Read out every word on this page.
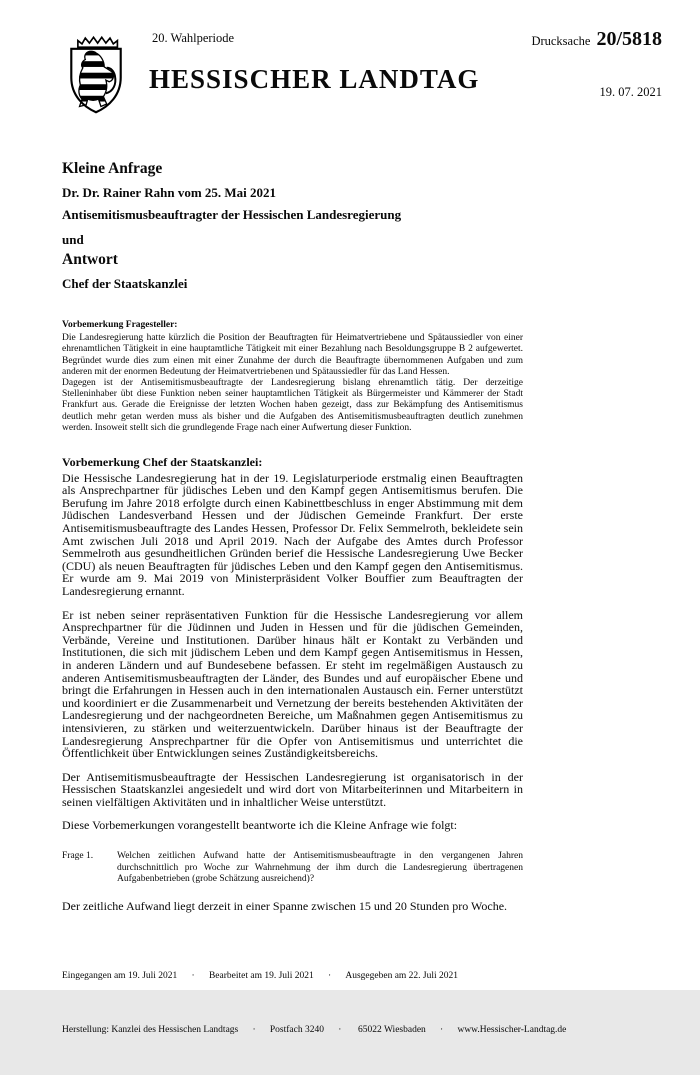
20. Wahlperiode
HESSISCHER LANDTAG
Drucksache 20/5818
19. 07. 2021
Kleine Anfrage
Dr. Dr. Rainer Rahn vom 25. Mai 2021
Antisemitismusbeauftragter der Hessischen Landesregierung
und
Antwort
Chef der Staatskanzlei
Vorbemerkung Fragesteller:

Die Landesregierung hatte kürzlich die Position der Beauftragten für Heimatvertriebene und Spätaussiedler von einer ehrenamtlichen Tätigkeit in eine hauptamtliche Tätigkeit mit einer Bezahlung nach Besoldungsgruppe B 2 aufgewertet. Begründet wurde dies zum einen mit einer Zunahme der durch die Beauftragte übernommenen Aufgaben und zum anderen mit der enormen Bedeutung der Heimatvertriebenen und Spätaussiedler für das Land Hessen.

Dagegen ist der Antisemitismusbeauftragte der Landesregierung bislang ehrenamtlich tätig. Der derzeitige Stelleninhaber übt diese Funktion neben seiner hauptamtlichen Tätigkeit als Bürgermeister und Kämmerer der Stadt Frankfurt aus. Gerade die Ereignisse der letzten Wochen haben gezeigt, dass zur Bekämpfung des Antisemitismus deutlich mehr getan werden muss als bisher und die Aufgaben des Antisemitismusbeauftragten deutlich zunehmen werden. Insoweit stellt sich die grundlegende Frage nach einer Aufwertung dieser Funktion.

Vorbemerkung Chef der Staatskanzlei:

Die Hessische Landesregierung hat in der 19. Legislaturperiode erstmalig einen Beauftragten als Ansprechpartner für jüdisches Leben und den Kampf gegen Antisemitismus berufen. Die Berufung im Jahre 2018 erfolgte durch einen Kabinettbeschluss in enger Abstimmung mit dem Jüdischen Landesverband Hessen und der Jüdischen Gemeinde Frankfurt. Der erste Antisemitismusbeauftragte des Landes Hessen, Professor Dr. Felix Semmelroth, bekleidete sein Amt zwischen Juli 2018 und April 2019. Nach der Aufgabe des Amtes durch Professor Semmelroth aus gesundheitlichen Gründen berief die Hessische Landesregierung Uwe Becker (CDU) als neuen Beauftragten für jüdisches Leben und den Kampf gegen den Antisemitismus. Er wurde am 9. Mai 2019 von Ministerpräsident Volker Bouffier zum Beauftragten der Landesregierung ernannt.

Er ist neben seiner repräsentativen Funktion für die Hessische Landesregierung vor allem Ansprechpartner für die Jüdinnen und Juden in Hessen und für die jüdischen Gemeinden, Verbände, Vereine und Institutionen. Darüber hinaus hält er Kontakt zu Verbänden und Institutionen, die sich mit jüdischem Leben und dem Kampf gegen Antisemitismus in Hessen, in anderen Ländern und auf Bundesebene befassen. Er steht im regelmäßigen Austausch zu anderen Antisemitismusbeauftragten der Länder, des Bundes und auf europäischer Ebene und bringt die Erfahrungen in Hessen auch in den internationalen Austausch ein. Ferner unterstützt und koordiniert er die Zusammenarbeit und Vernetzung der bereits bestehenden Aktivitäten der Landesregierung und der nachgeordneten Bereiche, um Maßnahmen gegen Antisemitismus zu intensivieren, zu stärken und weiterzuentwickeln. Darüber hinaus ist der Beauftragte der Landesregierung Ansprechpartner für die Opfer von Antisemitismus und unterrichtet die Öffentlichkeit über Entwicklungen seines Zuständigkeitsbereichs.

Der Antisemitismusbeauftragte der Hessischen Landesregierung ist organisatorisch in der Hessischen Staatskanzlei angesiedelt und wird dort von Mitarbeiterinnen und Mitarbeitern in seinen vielfältigen Aktivitäten und in inhaltlicher Weise unterstützt.

Diese Vorbemerkungen vorangestellt beantworte ich die Kleine Anfrage wie folgt:

Frage 1.	Welchen zeitlichen Aufwand hatte der Antisemitismusbeauftragte in den vergangenen Jahren durchschnittlich pro Woche zur Wahrnehmung der ihm durch die Landesregierung übertragenen Aufgabenbetrieben (grobe Schätzung ausreichend)?

Der zeitliche Aufwand liegt derzeit in einer Spanne zwischen 15 und 20 Stunden pro Woche.

Eingegangen am 19. Juli 2021  ·  Bearbeitet am 19. Juli 2021  ·  Ausgegeben am 22. Juli 2021

Herstellung: Kanzlei des Hessischen Landtags  ·  Postfach 3240  ·   65022 Wiesbaden  ·  www.Hessischer-Landtag.de
